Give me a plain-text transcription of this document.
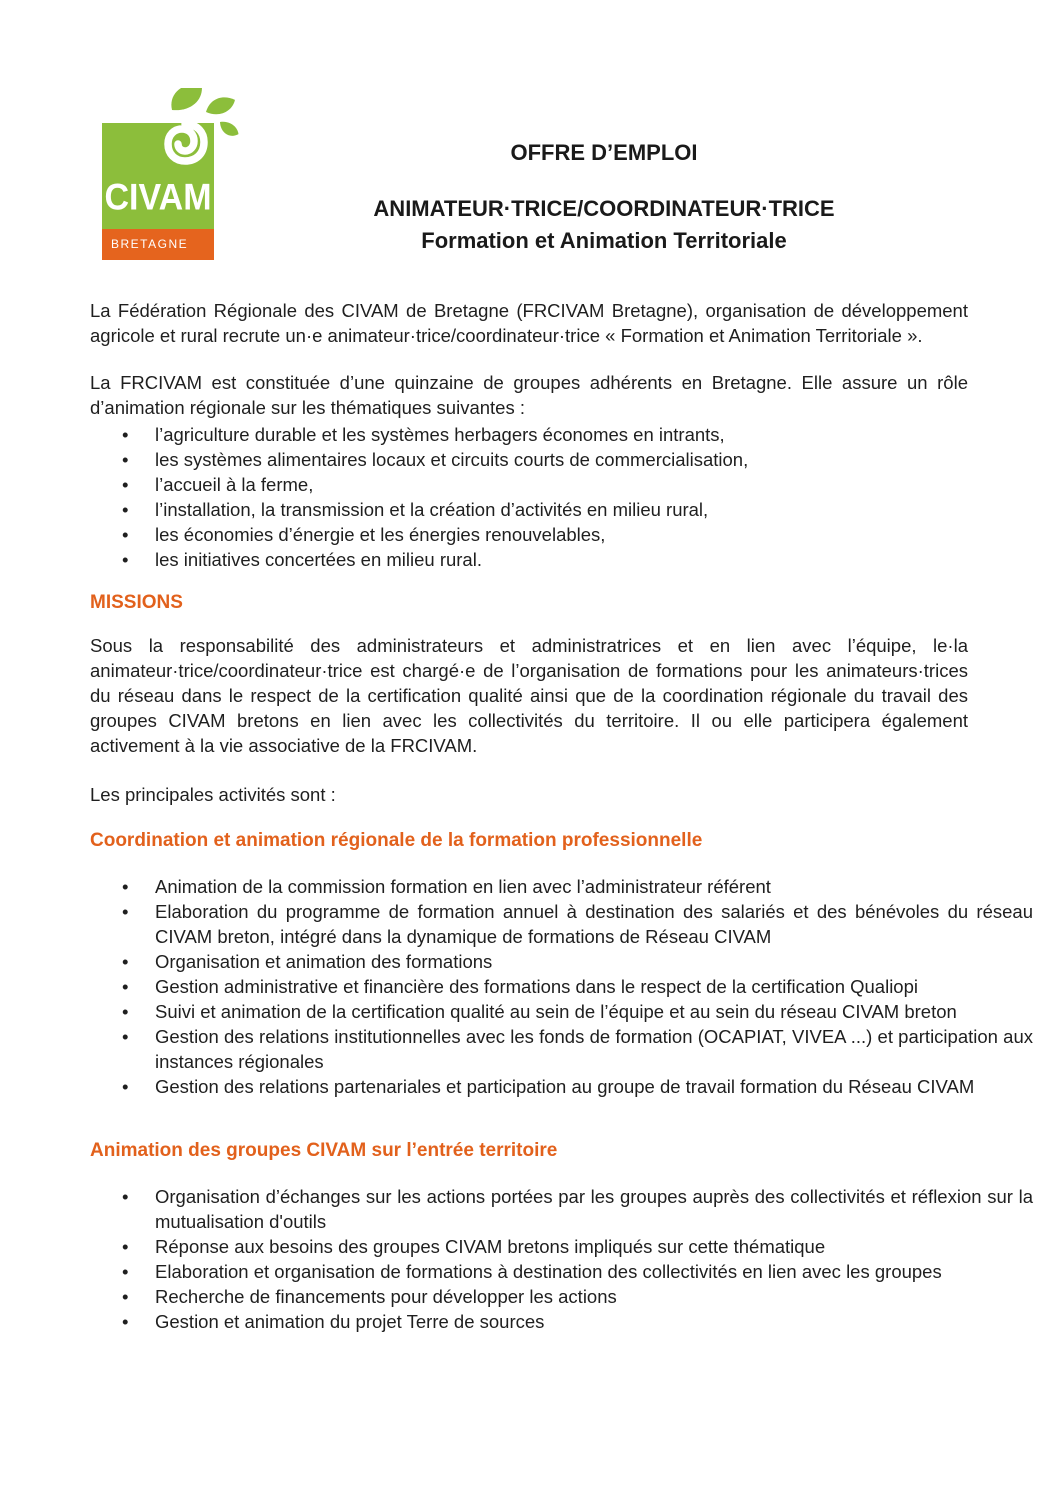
CIVAM
BRETAGNE
OFFRE D’EMPLOI
ANIMATEUR·TRICE/COORDINATEUR·TRICE
Formation et Animation Territoriale

La Fédération Régionale des CIVAM de Bretagne (FRCIVAM Bretagne), organisation de développement agricole et rural recrute un·e animateur·trice/coordinateur·trice « Formation et Animation Territoriale ».

La FRCIVAM est constituée d’une quinzaine de groupes adhérents en Bretagne. Elle assure un rôle d’animation régionale sur les thématiques suivantes :

• l’agriculture durable et les systèmes herbagers économes en intrants,
• les systèmes alimentaires locaux et circuits courts de commercialisation,
• l’accueil à la ferme,
• l’installation, la transmission et la création d’activités en milieu rural,
• les économies d’énergie et les énergies renouvelables,
• les initiatives concertées en milieu rural.
MISSIONS

Sous la responsabilité des administrateurs et administratrices et en lien avec l’équipe, le·la animateur·trice/coordinateur·trice est chargé·e de l’organisation de formations pour les animateurs·trices du réseau dans le respect de la certification qualité ainsi que de la coordination régionale du travail des groupes CIVAM bretons en lien avec les collectivités du territoire. Il ou elle participera également activement à la vie associative de la FRCIVAM.

Les principales activités sont :

Coordination et animation régionale de la formation professionnelle
• Animation de la commission formation en lien avec l’administrateur référent
• Elaboration du programme de formation annuel à destination des salariés et des bénévoles du réseau CIVAM breton, intégré dans la dynamique de formations de Réseau CIVAM
• Organisation et animation des formations
• Gestion administrative et financière des formations dans le respect de la certification Qualiopi
• Suivi et animation de la certification qualité au sein de l’équipe et au sein du réseau CIVAM breton
• Gestion des relations institutionnelles avec les fonds de formation (OCAPIAT, VIVEA ...) et participation aux instances régionales
• Gestion des relations partenariales et participation au groupe de travail formation du Réseau CIVAM
Animation des groupes CIVAM sur l’entrée territoire
• Organisation d’échanges sur les actions portées par les groupes auprès des collectivités et réflexion sur la mutualisation d'outils
• Réponse aux besoins des groupes CIVAM bretons impliqués sur cette thématique
• Elaboration et organisation de formations à destination des collectivités en lien avec les groupes
• Recherche de financements pour développer les actions
• Gestion et animation du projet Terre de sources
